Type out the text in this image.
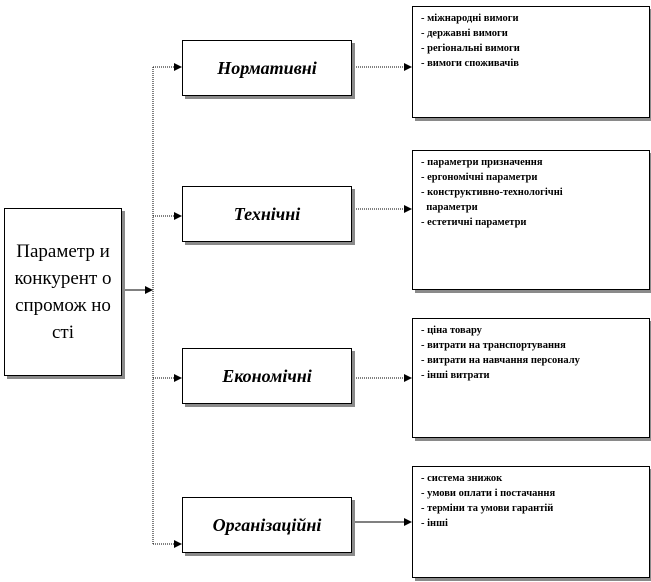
Параметр и конкурент оспромож ності
Нормативні
Технічні
Економічні
Організаційні
- міжнародні вимоги
- державні вимоги
- регіональні вимоги
- вимоги споживачів
- параметри призначення
- ергономічні параметри
- конструктивно-технологічні
параметри
- естетичні параметри
- ціна товару
- витрати на транспортування
- витрати на навчання персоналу
- інші витрати
- система знижок
- умови оплати і постачання
- терміни та умови гарантій
- інші
